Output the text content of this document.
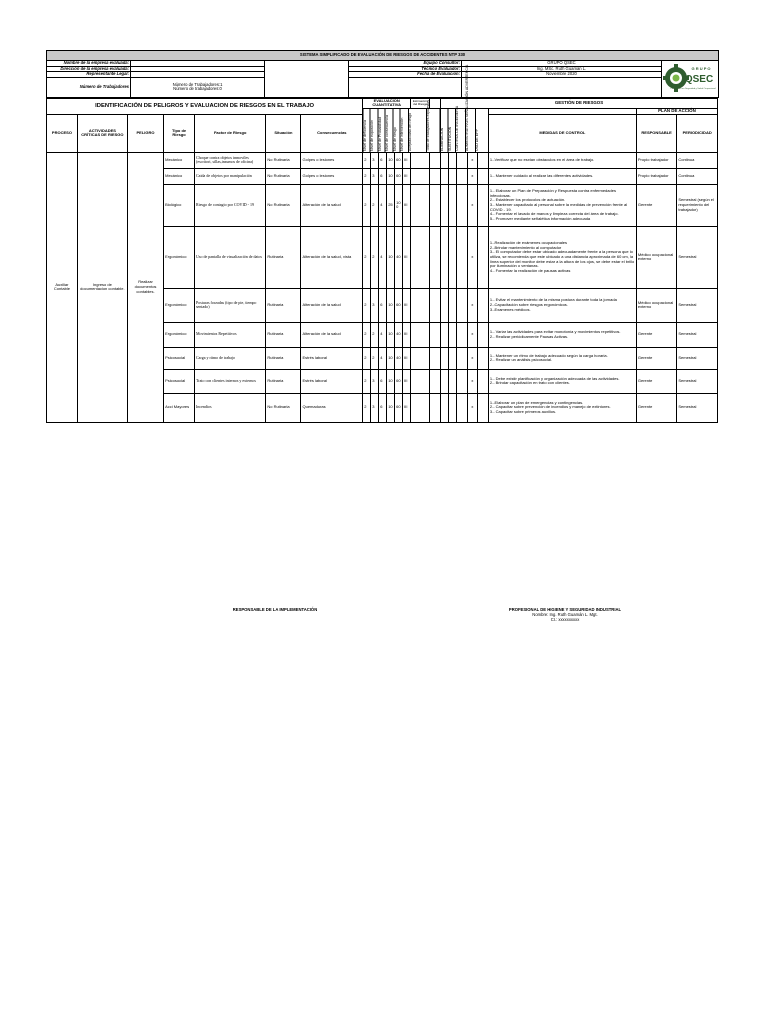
SISTEMA SIMPLIFICADO DE EVALUACIÓN DE RIESGOS DE ACCIDENTES NTP 330					
Nombre de la empresa evaluada:			Equipo Consultor:	GRUPO QSEC	G R U P O
QSEC
Consultoría en Seguridad y Salud Ocupacional

Dirección de la empresa evaluada:			Técnico Evaluador:	Ing. MSc. Ruth Guamán L.	
Representante Legal:			Fecha de Evaluación:	Noviembre 2020	
Número de Trabajadores	Número de Trabajadores:1
Número de trabajadores:0				

IDENTIFICACIÓN DE PELIGROS Y EVALUACION DE RIESGOS EN EL TRABAJO							EVALUACION CUANTITATIVA						Estimación del Riesgo		GESTIÓN DE RIESGOS							
																					PLAN DE ACCIÓN	
PROCESO	ACTIVIDADES CRÍTICAS DE RIESGO	PELIGRO	Tipo de Riesgo	Factor de Riesgo	Situación	Consecuencias														MEDIDAS DE CONTROL	RESPONSABLE	PERIODICIDAD
Auxiliar Contable	Ingreso de documentacion contable.	Realizar documentos contables.	Mecánico	Choque contra objetos inmoviles (escritori, sillas,insumos de oficina)	No Rutinaria	Golpes o lesiones	2	3	6	10	60	III						x		1.-Verificar que no esxtan obstaculos en el área de trabajo.	Propio trabajador	Continua
			Mecánico	Caida de objetos por manipulación	No Rutinaria	Golpes o lesiones	2	3	6	10	60	III						x		1.- Mantener cuidado al realizar las diferentes actividades.	Propio trabajador	Continua
			Biológico	Riesgo de contagio por COVID - 19	No Rutinaria	Alteración de la salud	2	2	4	25	100	III						x		1.- Elaborar un Plan de Preparación y Respuesta contra enfermedades infecciosas.
2.- Establecer los protocolos de actuación.
3.- Mantener capacitado al personal sobre la medidas de prevención frente al COVID - 19.
4.- Fomentar el lavado de manos y limpieza correcta del área de trabajo.
5.- Promover mediante señalética información adecuada	Gerente	Semestral (según el requerimiento del trabajador)
			Ergonómico	Uso de pantalla de visualización de datos	Rutinaria	Alteración de la salud, vista	2	2	4	10	40	III						x		1.-Realización de exámenes ocupacionales
2.-Brindar mantenimiento al computador
3.- El computador debe estar ubicado adecuadamente frente a la persona que lo utiliza, se recomienda que este ubicado a una distancia aproximada de 60 cm, la línea superior del monitor debe estar a la altura de los ojos, se debe estar el brillo por iluminación o ventanas.
4.- Fomentar la realización de pausas activas	Médico ocupacional externo	Semestral
			Ergonómico	Posturas forzadas (tipo de pie, tiempo sentado)	Rutinaria	Alteración de la salud	2	3	6	10	60	III						x		1.- Evitar el mantenimiento de la misma postura durante toda la jornada
2.-Capacitación sobre riesgos ergonómicos.
3.-Examenes médicos.	Médico ocupacional externo	Semestral
			Ergonómico	Movimientos Repetitivos	Rutinaria	Alteración de la salud	2	2	4	10	40	III						x		1.- Variar las actividades para evitar monotonía y movimientos repetitivos.
2.- Realizar periódicamente Pausas Activas.	Gerente	Semestral
			Psicosocial	Carga y ritmo de trabajo	Rutinaria	Estrés laboral	2	2	4	10	40	III						x		1.- Mantener un ritmo de trabajo adecuado según la carga horaria.
2.- Realizar un análisis psicosocial.	Gerente	Semestral
			Psicosocial	Trato con clientes internos y externos	Rutinaria	Estrés laboral	2	3	6	10	60	III						x		1.- Debe existir planificación y organización adecuada de las actividades.
2.- Brindar capacitación en trato con clientes.	Gerente	Semestral
			Acci Mayores	Incendios	No Rutinaria	Quemaduras	2	3	6	10	60	III						x		1.-Elaborar un plan de emergencias y contingencias.
2.- Capacitar sobre prevención de incendios y manejo de extintores.
3.- Capacitar sobre primeros auxilios.	Gerente	Semestral
Nivel de deficiencia Nivel de exposición Nivel de Probabilidad Nivel de consecuencia Nivel de riesgo Nivel de intervención Aceptabilidad del riesgo	Total de trabajadores expuestos	ELIMINACIÓN SUSTITUCIÓN CONTROL DE INGENIERÍA	ADMINISTRATIVOS SEÑALIZACIÓN ADVERTENCIA	USO DE EPP
RESPONSABLE DE LA IMPLEMENTACIÓN	PROFESIONAL DE HIGIENE Y SEGURIDAD INDUSTRIAL
Nombre: Ing. Ruth Guamán L. Mgt.
CI.: xxxxxxxxxx
